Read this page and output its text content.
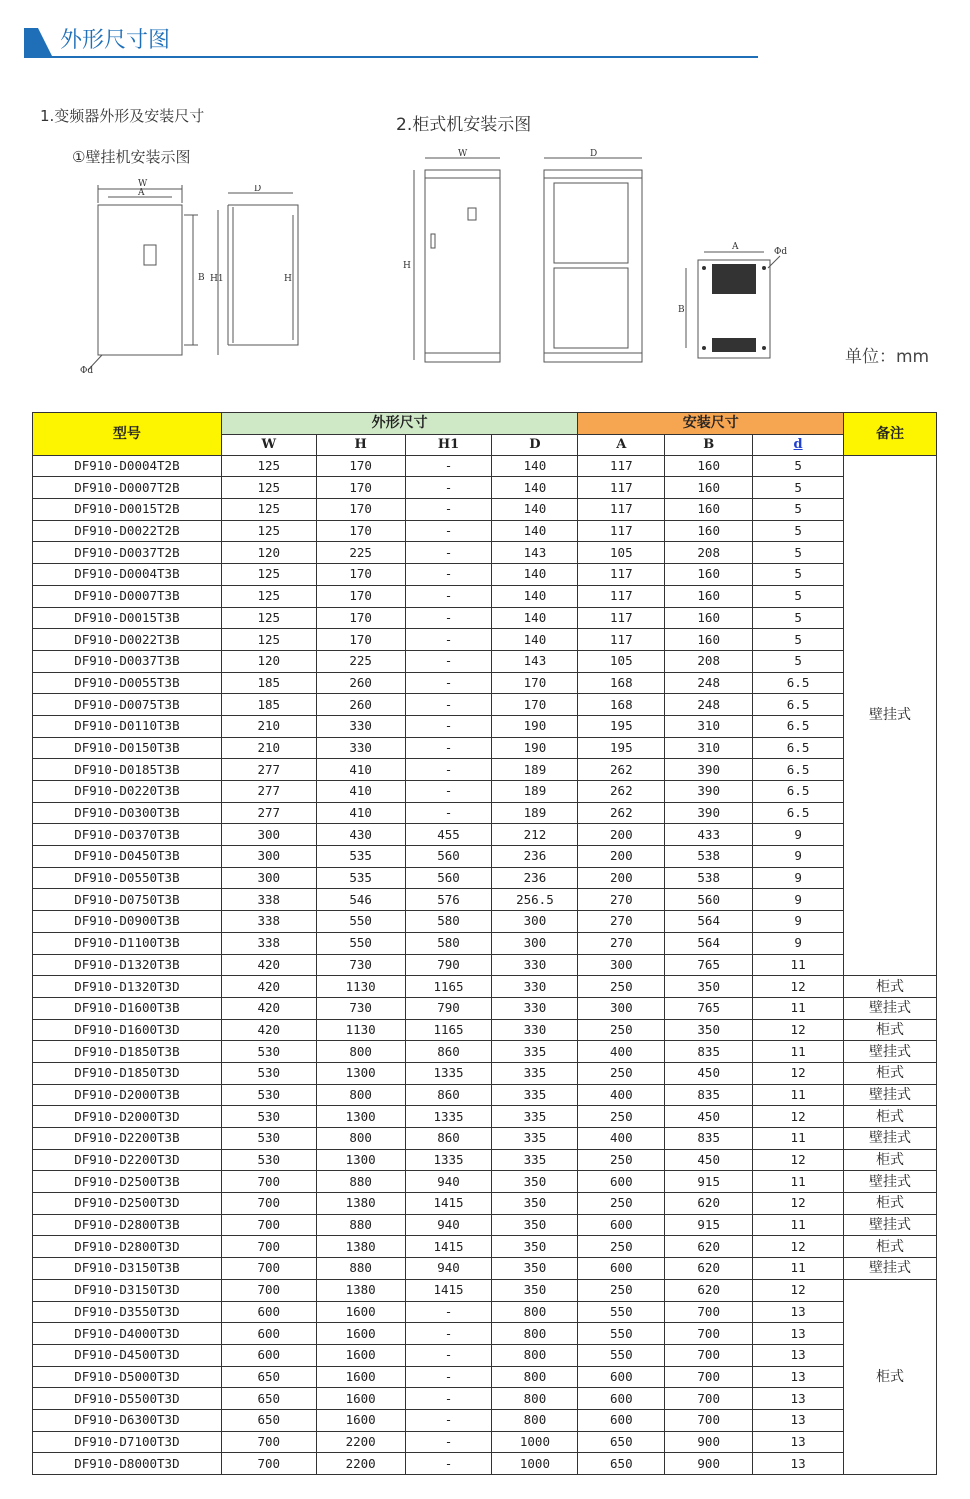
外形尺寸图
1.变频器外形及安装尺寸	2.柜式机安装示图
①壁挂机安装示图
单位：mm
W
A
B
Φd
D
H1	H
W
H
D
A
B
Φd
型号	外形尺寸				安装尺寸			备注
	W	H	H1	D	A	B	d	
DF910-D0004T2B	125	170	-	140	117	160	5	壁挂式
DF910-D0007T2B	125	170	-	140	117	160	5	
DF910-D0015T2B	125	170	-	140	117	160	5	
DF910-D0022T2B	125	170	-	140	117	160	5	
DF910-D0037T2B	120	225	-	143	105	208	5	
DF910-D0004T3B	125	170	-	140	117	160	5	
DF910-D0007T3B	125	170	-	140	117	160	5	
DF910-D0015T3B	125	170	-	140	117	160	5	
DF910-D0022T3B	125	170	-	140	117	160	5	
DF910-D0037T3B	120	225	-	143	105	208	5	
DF910-D0055T3B	185	260	-	170	168	248	6.5	
DF910-D0075T3B	185	260	-	170	168	248	6.5	
DF910-D0110T3B	210	330	-	190	195	310	6.5	
DF910-D0150T3B	210	330	-	190	195	310	6.5	
DF910-D0185T3B	277	410	-	189	262	390	6.5	
DF910-D0220T3B	277	410	-	189	262	390	6.5	
DF910-D0300T3B	277	410	-	189	262	390	6.5	
DF910-D0370T3B	300	430	455	212	200	433	9	
DF910-D0450T3B	300	535	560	236	200	538	9	
DF910-D0550T3B	300	535	560	236	200	538	9	
DF910-D0750T3B	338	546	576	256.5	270	560	9	
DF910-D0900T3B	338	550	580	300	270	564	9	
DF910-D1100T3B	338	550	580	300	270	564	9	
DF910-D1320T3B	420	730	790	330	300	765	11	
DF910-D1320T3D	420	1130	1165	330	250	350	12	柜式
DF910-D1600T3B	420	730	790	330	300	765	11	壁挂式
DF910-D1600T3D	420	1130	1165	330	250	350	12	柜式
DF910-D1850T3B	530	800	860	335	400	835	11	壁挂式
DF910-D1850T3D	530	1300	1335	335	250	450	12	柜式
DF910-D2000T3B	530	800	860	335	400	835	11	壁挂式
DF910-D2000T3D	530	1300	1335	335	250	450	12	柜式
DF910-D2200T3B	530	800	860	335	400	835	11	壁挂式
DF910-D2200T3D	530	1300	1335	335	250	450	12	柜式
DF910-D2500T3B	700	880	940	350	600	915	11	壁挂式
DF910-D2500T3D	700	1380	1415	350	250	620	12	柜式
DF910-D2800T3B	700	880	940	350	600	915	11	壁挂式
DF910-D2800T3D	700	1380	1415	350	250	620	12	柜式
DF910-D3150T3B	700	880	940	350	600	620	11	壁挂式
DF910-D3150T3D	700	1380	1415	350	250	620	12	柜式
DF910-D3550T3D	600	1600	-	800	550	700	13	
DF910-D4000T3D	600	1600	-	800	550	700	13	
DF910-D4500T3D	600	1600	-	800	550	700	13	
DF910-D5000T3D	650	1600	-	800	600	700	13	
DF910-D5500T3D	650	1600	-	800	600	700	13	
DF910-D6300T3D	650	1600	-	800	600	700	13	
DF910-D7100T3D	700	2200	-	1000	650	900	13	
DF910-D8000T3D	700	2200	-	1000	650	900	13	
